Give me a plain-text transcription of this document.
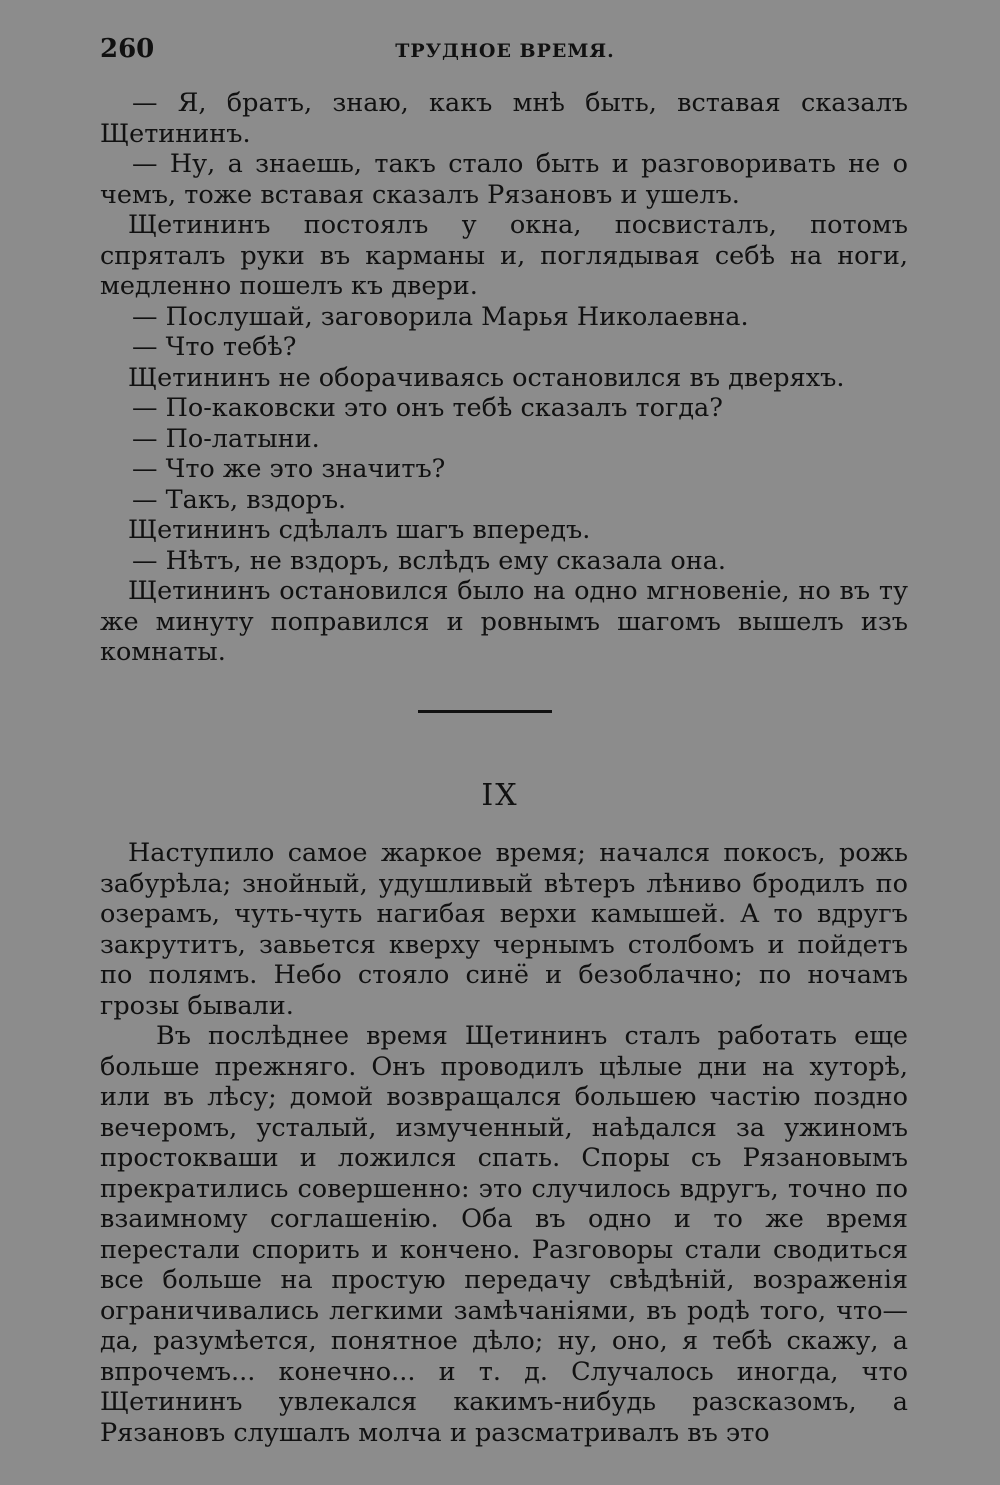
260	ТРУДНОЕ ВРЕМЯ.

— Я, братъ, знаю, какъ мнѣ быть, вставая сказалъ Щетининъ.

— Ну, а знаешь, такъ стало быть и разговоривать не о чемъ, тоже вставая сказалъ Рязановъ и ушелъ.

Щетининъ постоялъ у окна, посвисталъ, потомъ спряталъ руки въ карманы и, поглядывая себѣ на ноги, медленно пошелъ къ двери.

— Послушай, заговорила Марья Николаевна.

— Что тебѣ?

Щетининъ не оборачиваясь остановился въ дверяхъ.

— По-каковски это онъ тебѣ сказалъ тогда?

— По-латыни.

— Что же это значитъ?

— Такъ, вздоръ.

Щетининъ сдѣлалъ шагъ впередъ.

— Нѣтъ, не вздоръ, вслѣдъ ему сказала она.

Щетининъ остановился было на одно мгновеніе, но въ ту же минуту поправился и ровнымъ шагомъ вышелъ изъ комнаты.

IX

Наступило самое жаркое время; начался покосъ, рожь забурѣла; знойный, удушливый вѣтеръ лѣниво бродилъ по озерамъ, чуть-чуть нагибая верхи камышей. А то вдругъ закрутитъ, завьется кверху чернымъ столбомъ и пойдетъ по полямъ. Небо стояло синё и безоблачно; по ночамъ грозы бывали.

Въ послѣднее время Щетининъ сталъ работать еще больше прежняго. Онъ проводилъ цѣлые дни на хуторѣ, или въ лѣсу; домой возвращался большею частію поздно вечеромъ, усталый, измученный, наѣдался за ужиномъ простокваши и ложился спать. Споры съ Рязановымъ прекратились совершенно: это случилось вдругъ, точно по взаимному соглашенію. Оба въ одно и то же время перестали спорить и кончено. Разговоры стали сводиться все больше на простую передачу свѣдѣній, возраженія ограничивались легкими замѣчаніями, въ родѣ того, что—да, разумѣется, понятное дѣло; ну, оно, я тебѣ скажу, а впрочемъ... конечно... и т. д. Случалось иногда, что Щетининъ увлекался какимъ-нибудь разсказомъ, а Рязановъ слушалъ молча и разсматривалъ въ это
